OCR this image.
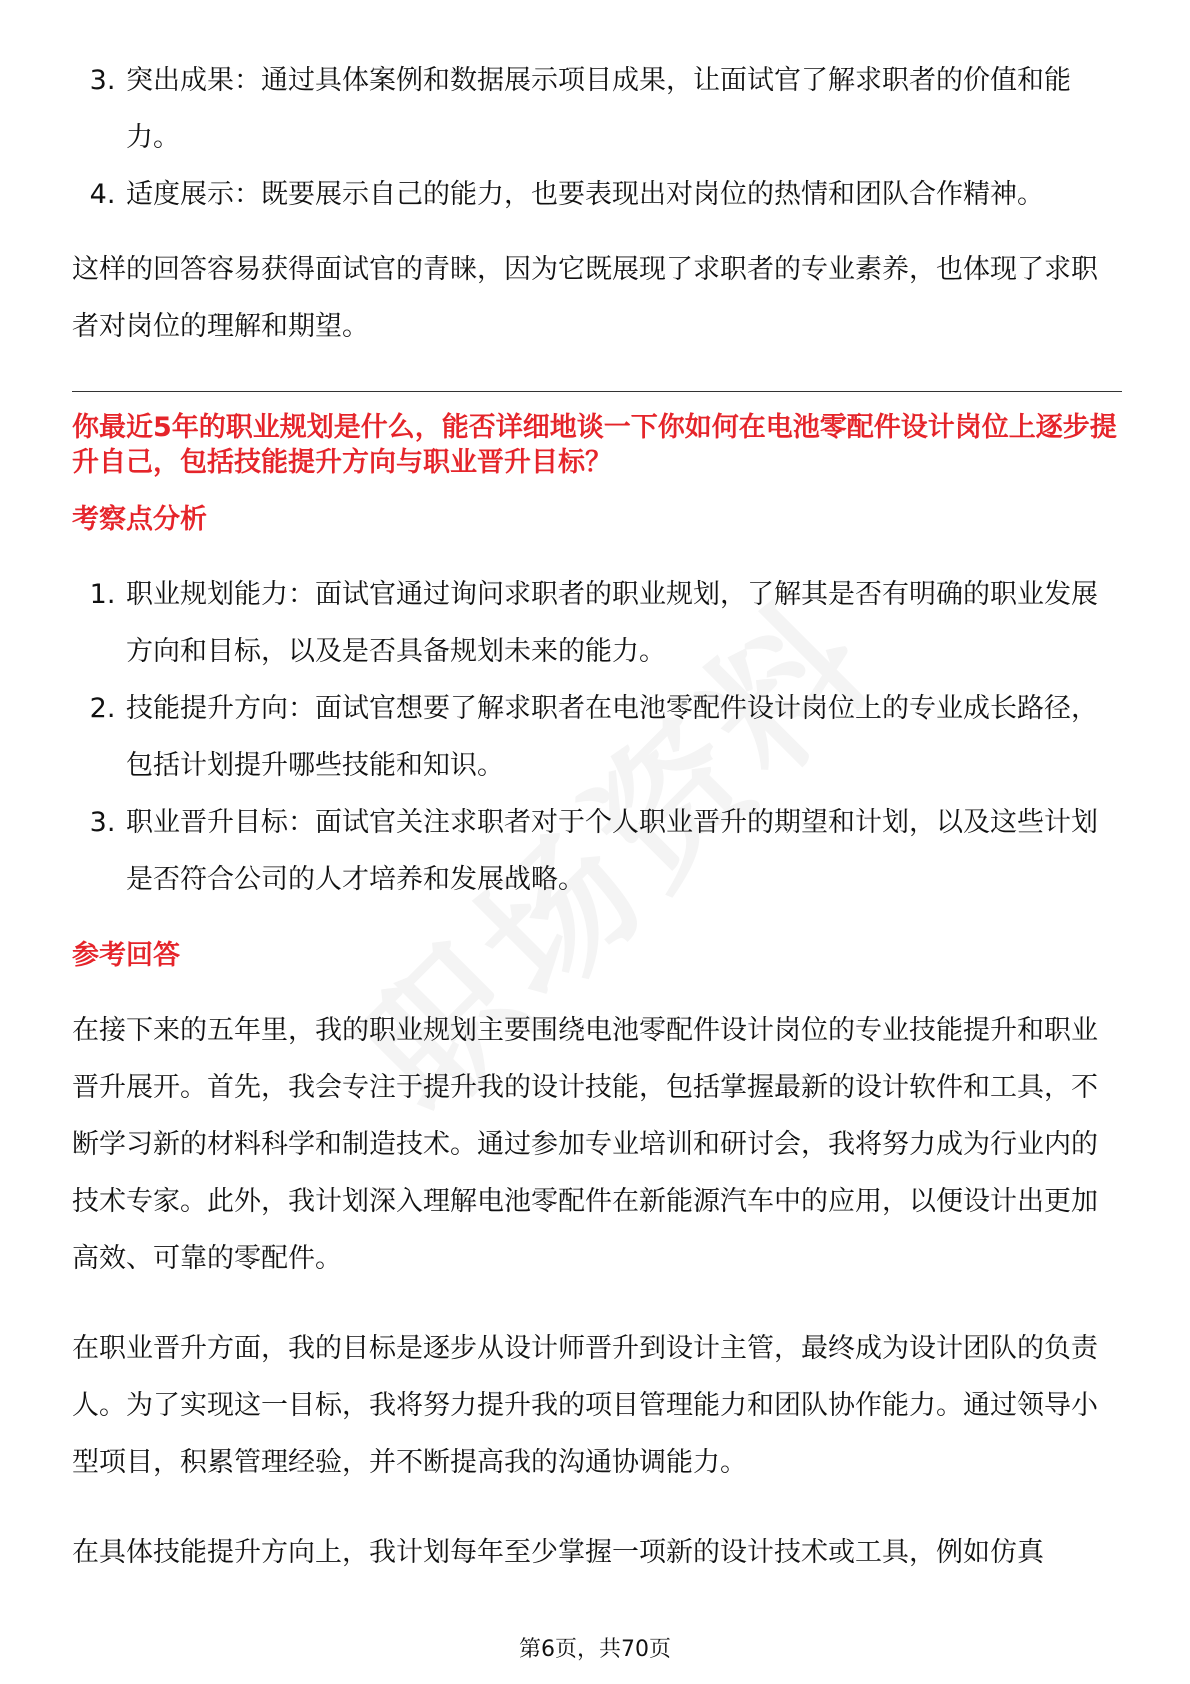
3. 突出成果：通过具体案例和数据展示项目成果，让面试官了解求职者的价值和能力。
4. 适度展示：既要展示自己的能力，也要表现出对岗位的热情和团队合作精神。

这样的回答容易获得面试官的青睐，因为它既展现了求职者的专业素养，也体现了求职者对岗位的理解和期望。

你最近5年的职业规划是什么，能否详细地谈一下你如何在电池零配件设计岗位上逐步提升自己，包括技能提升方向与职业晋升目标？

考察点分析

1. 职业规划能力：面试官通过询问求职者的职业规划，了解其是否有明确的职业发展方向和目标，以及是否具备规划未来的能力。
2. 技能提升方向：面试官想要了解求职者在电池零配件设计岗位上的专业成长路径，包括计划提升哪些技能和知识。
3. 职业晋升目标：面试官关注求职者对于个人职业晋升的期望和计划，以及这些计划是否符合公司的人才培养和发展战略。

参考回答

在接下来的五年里，我的职业规划主要围绕电池零配件设计岗位的专业技能提升和职业晋升展开。首先，我会专注于提升我的设计技能，包括掌握最新的设计软件和工具，不断学习新的材料科学和制造技术。通过参加专业培训和研讨会，我将努力成为行业内的技术专家。此外，我计划深入理解电池零配件在新能源汽车中的应用，以便设计出更加高效、可靠的零配件。

在职业晋升方面，我的目标是逐步从设计师晋升到设计主管，最终成为设计团队的负责人。为了实现这一目标，我将努力提升我的项目管理能力和团队协作能力。通过领导小型项目，积累管理经验，并不断提高我的沟通协调能力。

在具体技能提升方向上，我计划每年至少掌握一项新的设计技术或工具，例如仿真

第6页，共70页
